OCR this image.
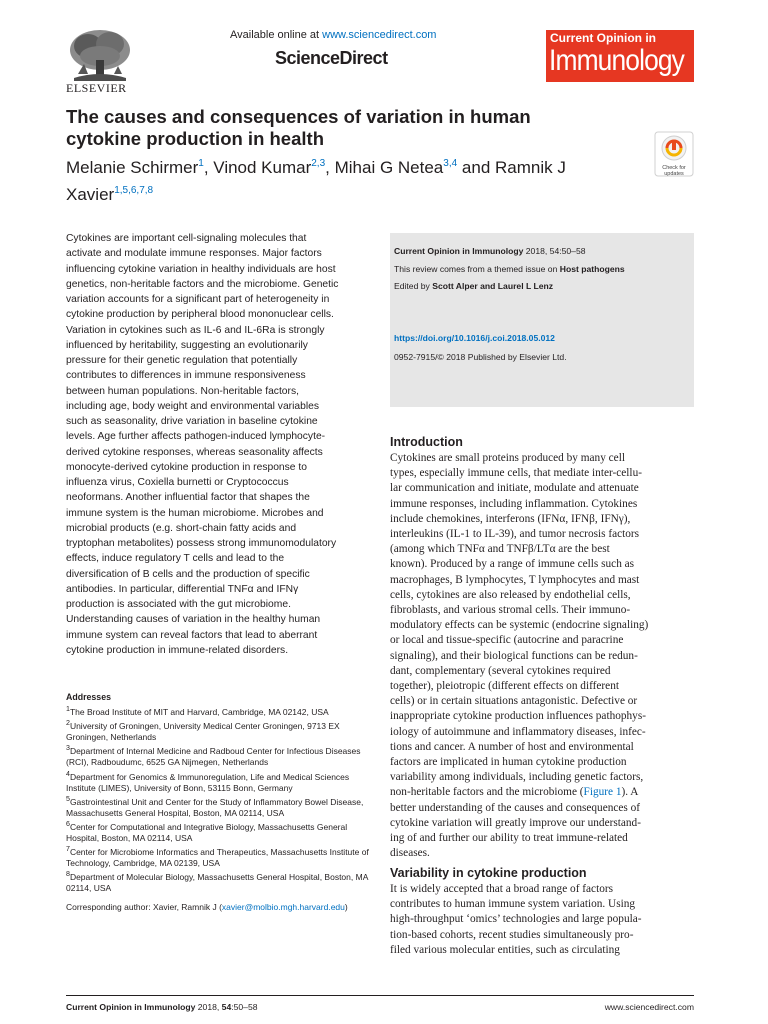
ELSEVIER
Available online at www.sciencedirect.com
ScienceDirect
Current Opinion in
Immunology
The causes and consequences of variation in human
cytokine production in health
Melanie Schirmer$^1$, Vinod Kumar$^{2,3}$, Mihai G Netea$^{3,4}$ and Ramnik J Xavier$^{1,5,6,7,8}$
Check for updates
Cytokines are important cell-signaling molecules that
activate and modulate immune responses. Major factors
influencing cytokine variation in healthy individuals are host
genetics, non-heritable factors and the microbiome. Genetic
variation accounts for a significant part of heterogeneity in
cytokine production by peripheral blood mononuclear cells.
Variation in cytokines such as IL-6 and IL-6Ra is strongly
influenced by heritability, suggesting an evolutionarily
pressure for their genetic regulation that potentially
contributes to differences in immune responsiveness
between human populations. Non-heritable factors,
including age, body weight and environmental variables
such as seasonality, drive variation in baseline cytokine
levels. Age further affects pathogen-induced lymphocyte-
derived cytokine responses, whereas seasonality affects
monocyte-derived cytokine production in response to
influenza virus, Coxiella burnetti or Cryptococcus
neoformans. Another influential factor that shapes the
immune system is the human microbiome. Microbes and
microbial products (e.g. short-chain fatty acids and
tryptophan metabolites) possess strong immunomodulatory
effects, induce regulatory T cells and lead to the
diversification of B cells and the production of specific
antibodies. In particular, differential TNFα and IFNγ
production is associated with the gut microbiome.
Understanding causes of variation in the healthy human
immune system can reveal factors that lead to aberrant
cytokine production in immune-related disorders.
Current Opinion in Immunology 2018, 54:50–58
This review comes from a themed issue on Host pathogens
Edited by Scott Alper and Laurel L Lenz
https://doi.org/10.1016/j.coi.2018.05.012
0952-7915/© 2018 Published by Elsevier Ltd.
Introduction
Cytokines are small proteins produced by many cell
types, especially immune cells, that mediate inter-cellu-
lar communication and initiate, modulate and attenuate
immune responses, including inflammation. Cytokines
include chemokines, interferons (IFNα, IFNβ, IFNγ),
interleukins (IL-1 to IL-39), and tumor necrosis factors
(among which TNFα and TNFβ/LTα are the best
known). Produced by a range of immune cells such as
macrophages, B lymphocytes, T lymphocytes and mast
cells, cytokines are also released by endothelial cells,
fibroblasts, and various stromal cells. Their immuno-
modulatory effects can be systemic (endocrine signaling)
or local and tissue-specific (autocrine and paracrine
signaling), and their biological functions can be redun-
dant, complementary (several cytokines required
together), pleiotropic (different effects on different
cells) or in certain situations antagonistic. Defective or
inappropriate cytokine production influences pathophys-
iology of autoimmune and inflammatory diseases, infec-
tions and cancer. A number of host and environmental
factors are implicated in human cytokine production
variability among individuals, including genetic factors,
non-heritable factors and the microbiome (Figure 1). A
better understanding of the causes and consequences of
cytokine variation will greatly improve our understand-
ing of and further our ability to treat immune-related
diseases.
Variability in cytokine production
It is widely accepted that a broad range of factors
contributes to human immune system variation. Using
high-throughput ‘omics’ technologies and large popula-
tion-based cohorts, recent studies simultaneously pro-
filed various molecular entities, such as circulating
Addresses
$^1$The Broad Institute of MIT and Harvard, Cambridge, MA 02142, USA
$^2$University of Groningen, University Medical Center Groningen, 9713 EX Groningen, Netherlands
$^3$Department of Internal Medicine and Radboud Center for Infectious Diseases (RCI), Radboudumc, 6525 GA Nijmegen, Netherlands
$^4$Department for Genomics & Immunoregulation, Life and Medical Sciences Institute (LIMES), University of Bonn, 53115 Bonn, Germany
$^5$Gastrointestinal Unit and Center for the Study of Inflammatory Bowel Disease, Massachusetts General Hospital, Boston, MA 02114, USA
$^6$Center for Computational and Integrative Biology, Massachusetts General Hospital, Boston, MA 02114, USA
$^7$Center for Microbiome Informatics and Therapeutics, Massachusetts Institute of Technology, Cambridge, MA 02139, USA
$^8$Department of Molecular Biology, Massachusetts General Hospital, Boston, MA 02114, USA
Corresponding author: Xavier, Ramnik J (xavier@molbio.mgh.harvard.edu)
Current Opinion in Immunology 2018, 54:50–58	www.sciencedirect.com
